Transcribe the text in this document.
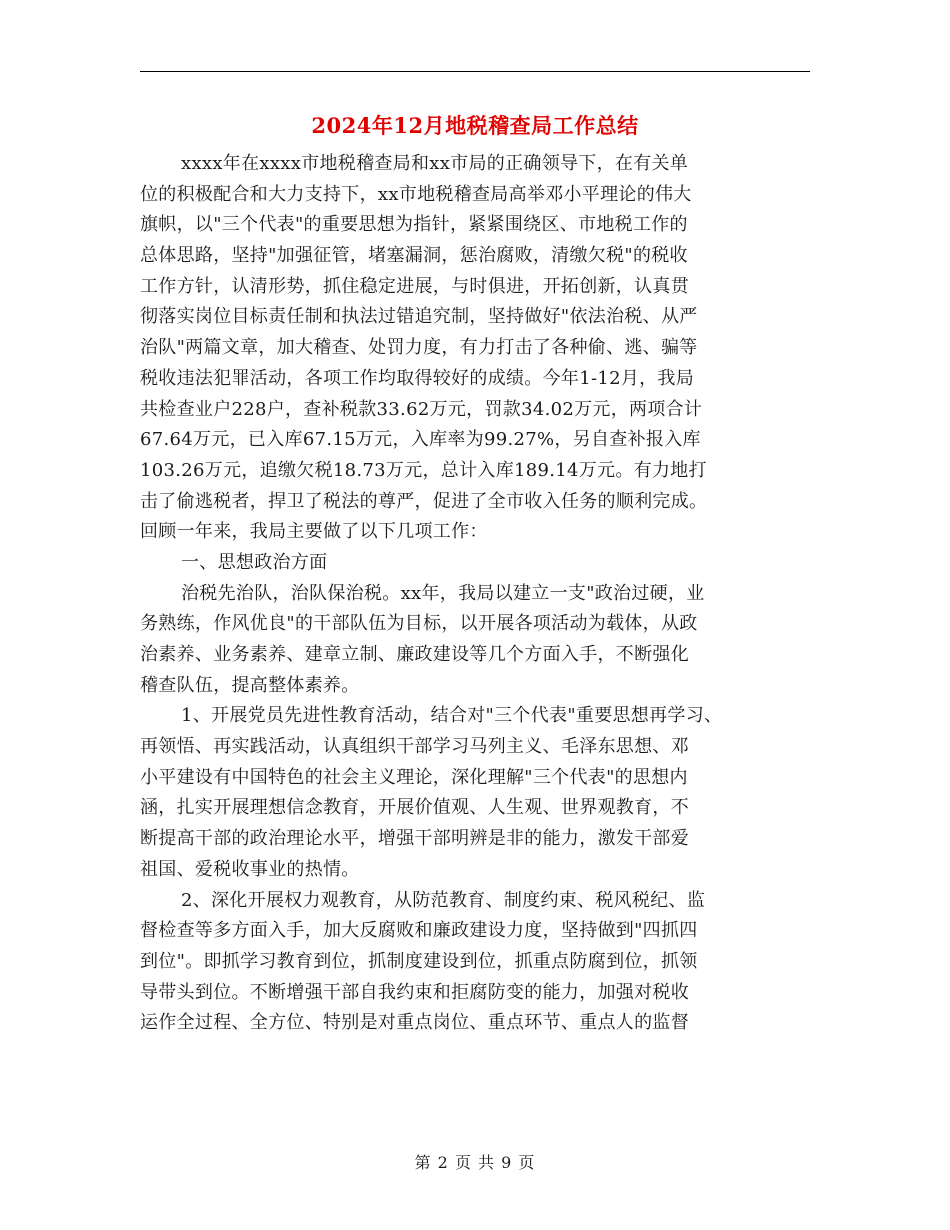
2024年12月地税稽查局工作总结
xxxx年在xxxx市地税稽查局和xx市局的正确领导下，在有关单
位的积极配合和大力支持下，xx市地税稽查局高举邓小平理论的伟大
旗帜，以"三个代表"的重要思想为指针，紧紧围绕区、市地税工作的
总体思路，坚持"加强征管，堵塞漏洞，惩治腐败，清缴欠税"的税收
工作方针，认清形势，抓住稳定进展，与时俱进，开拓创新，认真贯
彻落实岗位目标责任制和执法过错追究制，坚持做好"依法治税、从严
治队"两篇文章，加大稽查、处罚力度，有力打击了各种偷、逃、骗等
税收违法犯罪活动，各项工作均取得较好的成绩。今年1-12月，我局
共检查业户228户，查补税款33.62万元，罚款34.02万元，两项合计
67.64万元，已入库67.15万元，入库率为99.27%，另自查补报入库
103.26万元，追缴欠税18.73万元，总计入库189.14万元。有力地打
击了偷逃税者，捍卫了税法的尊严，促进了全市收入任务的顺利完成。
回顾一年来，我局主要做了以下几项工作：
一、思想政治方面
治税先治队，治队保治税。xx年，我局以建立一支"政治过硬，业
务熟练，作风优良"的干部队伍为目标，以开展各项活动为载体，从政
治素养、业务素养、建章立制、廉政建设等几个方面入手，不断强化
稽查队伍，提高整体素养。
1、开展党员先进性教育活动，结合对"三个代表"重要思想再学习、
再领悟、再实践活动，认真组织干部学习马列主义、毛泽东思想、邓
小平建设有中国特色的社会主义理论，深化理解"三个代表"的思想内
涵，扎实开展理想信念教育，开展价值观、人生观、世界观教育，不
断提高干部的政治理论水平，增强干部明辨是非的能力，激发干部爱
祖国、爱税收事业的热情。
2、深化开展权力观教育，从防范教育、制度约束、税风税纪、监
督检查等多方面入手，加大反腐败和廉政建设力度，坚持做到"四抓四
到位"。即抓学习教育到位，抓制度建设到位，抓重点防腐到位，抓领
导带头到位。不断增强干部自我约束和拒腐防变的能力，加强对税收
运作全过程、全方位、特别是对重点岗位、重点环节、重点人的监督
第 2 页 共 9 页
